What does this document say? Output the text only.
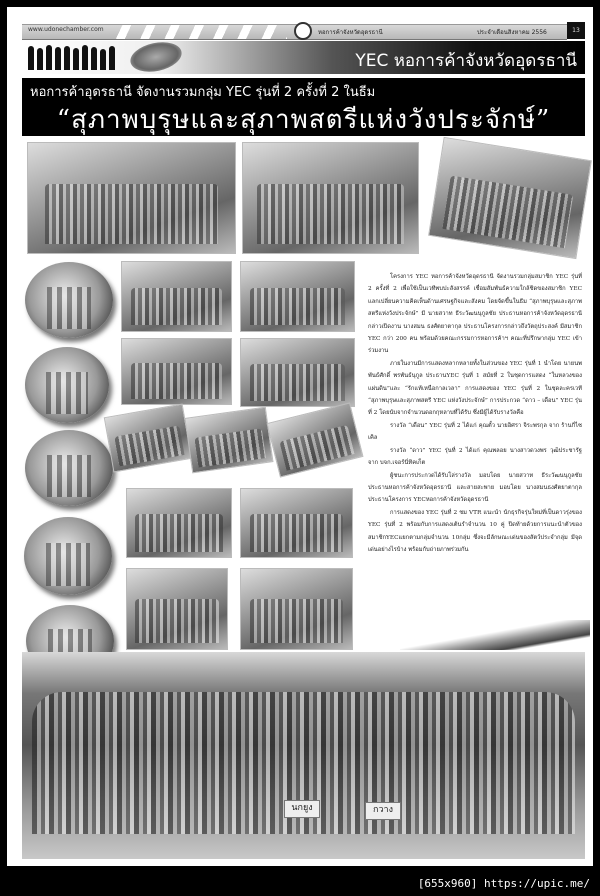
www.udonechamber.com	หอการค้าจังหวัดอุดรธานี	ประจำเดือนสิงหาคม 2556	13
YEC หอการค้าจังหวัดอุดรธานี
หอการค้าอุดรธานี จัดงานรวมกลุ่ม YEC รุ่นที่ 2 ครั้งที่ 2 ในธีม
“สุภาพบุรุษและสุภาพสตรีแห่งวังประจักษ์”

โครงการ YEC หอการค้าจังหวัดอุดรธานี จัดงานรวมกลุ่มสมาชิก YEC รุ่นที่ 2 ครั้งที่ 2 เพื่อใช้เป็นเวทีพบปะสังสรรค์ เชื่อมสัมพันธ์ความใกล้ชิดของสมาชิก YEC แลกเปลี่ยนความคิดเห็นด้านเศรษฐกิจและสังคม โดยจัดขึ้นในธีม “สุภาพบุรุษและสุภาพสตรีแห่งวังประจักษ์” มี นายสวาท ธีระวัฒนนุกูลชัย ประธานหอการค้าจังหวัดอุดรธานี กล่าวเปิดงาน นางสมน ธงศ์ตยาตากุล ประธานโครงการกล่าวถึงวัตถุประสงค์ มีสมาชิก YEC กว่า 200 คน พร้อมด้วยคณะกรรมการหอการค้าฯ คณะที่ปรึกษากลุ่ม YEC เข้าร่วมงาน

ภายในงานมีการแสดงหลากหลายทั้งในส่วนของ YEC รุ่นที่ 1 นำโดย นายนพพันธ์ศักดิ์ พรพันธ์นุกูล ประธานYEC รุ่นที่ 1 สมัยที่ 2 ในชุดการแสดง “ในหลวงของแผ่นดิน”และ “รักแท้เหนือกาลเวลา” การแสดงของ YEC รุ่นที่ 2 ในชุดละครเวที “สุภาพบุรุษและสุภาพสตรี YEC แห่งวังประจักษ์” การประกวด “ดาว – เดือน” YEC รุ่นที่ 2 โดยนับจากจำนวนดอกกุหลาบที่ได้รับ ซึ่งมีผู้ได้รับรางวัลคือ

รางวัล “เดือน” YEC รุ่นที่ 2 ได้แก่ คุณตั้ว นายอิศรา จิระพรกุล จาก ร้านกี่ไซเคิล

รางวัล “ดาว” YEC รุ่นที่ 2 ได้แก่ คุณพลอย นางสาวดวงพร วุฒิประชารัฐ จาก บจก.เจอร์นี่ทิคเก็ต

ผู้ชนะการประกวดได้รับโล่รางวัล มอบโดย นายสวาท ธีระวัฒนนุกูลชัย ประธานหอการค้าจังหวัดอุดรธานี และสายสะพาย มอบโดย นางสมนธงศ์ตยาตากุลประธานโครงการ YECหอการค้าจังหวัดอุดรธานี

การแสดงของ YEC รุ่นที่ 2 ชม VTR แนะนำ นักธุรกิจรุ่นใหม่ที่เป็นดาวรุ่งของ YEC รุ่นที่ 2 พร้อมกับการแสดงเต้นรำจำนวน 10 คู่ ปิดท้ายด้วยการแนะนำตัวของสมาชิกYECแยกตามกลุ่มจำนวน 10กลุ่ม ซึ่งจะมีลักษณะเด่นของสัตว์ประจำกลุ่ม มีจุดเด่นอย่างไรบ้าง พร้อมกับถ่ายภาพร่วมกัน

นกยูง	กวาง
[655x960] https://upic.me/
